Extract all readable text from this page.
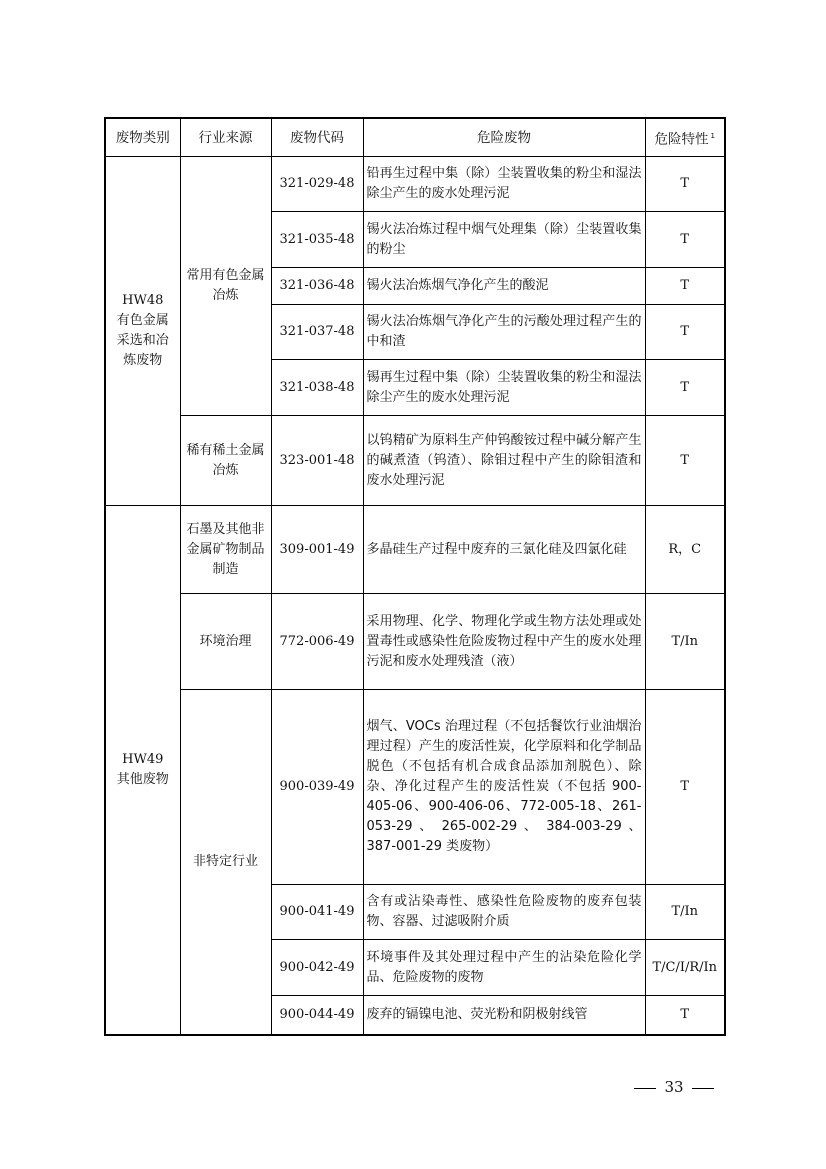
废物类别	行业来源	废物代码	危险废物	危险特性 $^1$
HW48
有色金属
采选和冶
炼废物	常用有色金属冶炼	321-029-48	铅再生过程中集（除）尘装置收集的粉尘和湿法除尘产生的废水处理污泥	T
		321-035-48	锡火法冶炼过程中烟气处理集（除）尘装置收集的粉尘	T
		321-036-48	锡火法冶炼烟气净化产生的酸泥	T
		321-037-48	锡火法冶炼烟气净化产生的污酸处理过程产生的中和渣	T
		321-038-48	锡再生过程中集（除）尘装置收集的粉尘和湿法除尘产生的废水处理污泥	T
	稀有稀土金属冶炼	323-001-48	以钨精矿为原料生产仲钨酸铵过程中碱分解产生的碱煮渣（钨渣）、除钼过程中产生的除钼渣和废水处理污泥	T
HW49
其他废物	石墨及其他非金属矿物制品制造	309-001-49	多晶硅生产过程中废弃的三氯化硅及四氯化硅	R，C
	环境治理	772-006-49	采用物理、化学、物理化学或生物方法处理或处置毒性或感染性危险废物过程中产生的废水处理污泥和废水处理残渣（液）	T/In
	非特定行业	900-039-49	烟气、VOCs 治理过程（不包括餐饮行业油烟治理过程）产生的废活性炭，化学原料和化学制品脱色（不包括有机合成食品添加剂脱色）、除杂、净化过程产生的废活性炭（不包括 900-405-06、900-406-06、772-005-18、261-053-29 、 265-002-29 、 384-003-29 、387-001-29 类废物）	T
		900-041-49	含有或沾染毒性、感染性危险废物的废弃包装物、容器、过滤吸附介质	T/In
		900-042-49	环境事件及其处理过程中产生的沾染危险化学品、危险废物的废物	T/C/I/R/In
		900-044-49	废弃的镉镍电池、荧光粉和阴极射线管	T
33
